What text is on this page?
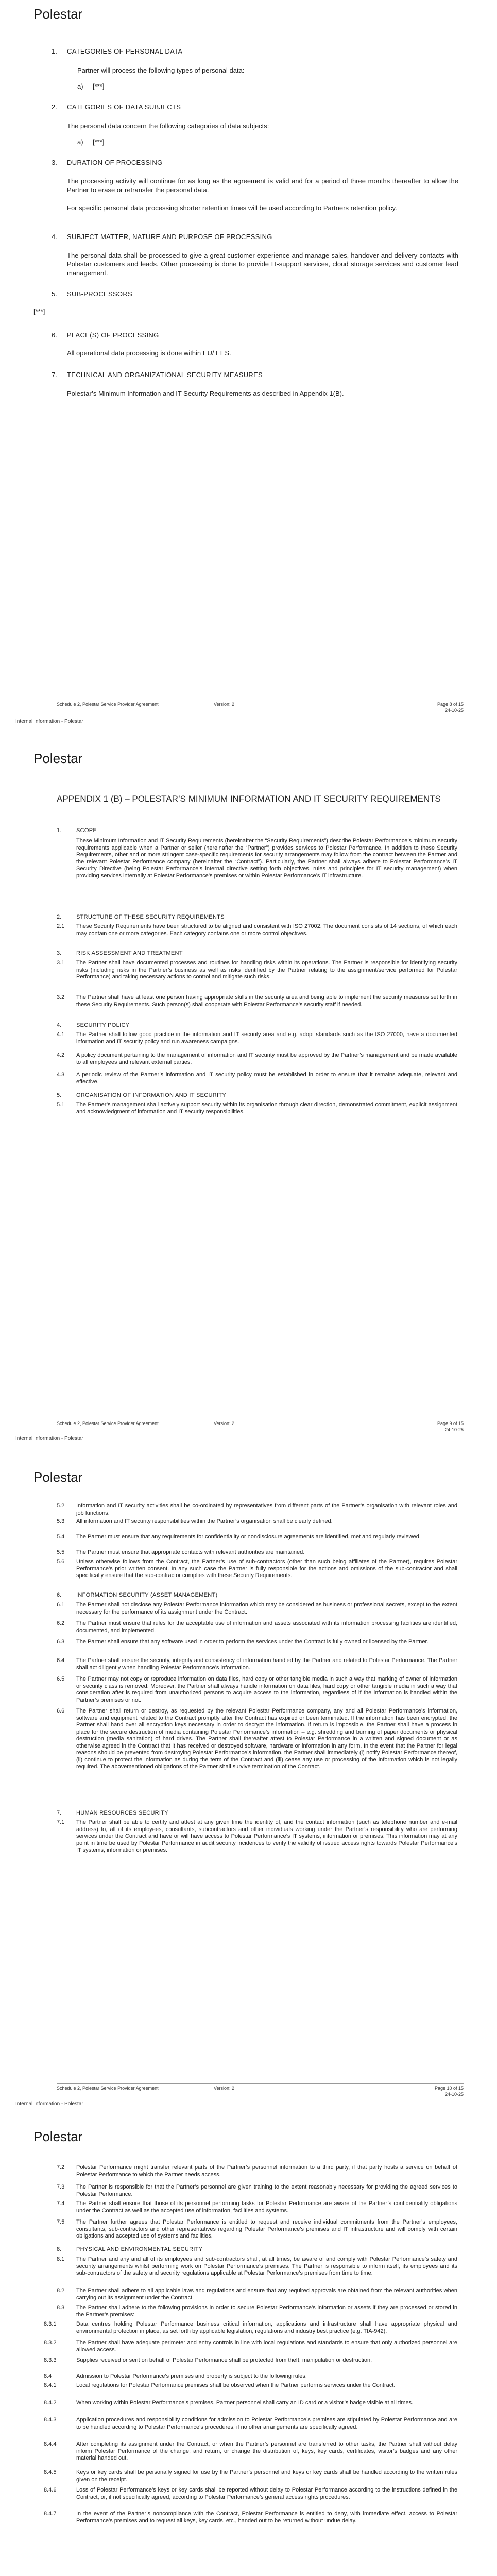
Polestar
1. CATEGORIES OF PERSONAL DATA
Partner will process the following types of personal data:
a) [***]
2. CATEGORIES OF DATA SUBJECTS
The personal data concern the following categories of data subjects:
a) [***]
3. DURATION OF PROCESSING
The processing activity will continue for as long as the agreement is valid and for a period of three months thereafter to allow the Partner to erase or retransfer the personal data.
For specific personal data processing shorter retention times will be used according to Partners retention policy.
4. SUBJECT MATTER, NATURE AND PURPOSE OF PROCESSING
The personal data shall be processed to give a great customer experience and manage sales, handover and delivery contacts with Polestar customers and leads. Other processing is done to provide IT-support services, cloud storage services and customer lead management.
5. SUB-PROCESSORS
[***]
6. PLACE(S) OF PROCESSING
All operational data processing is done within EU/ EES.
7. TECHNICAL AND ORGANIZATIONAL SECURITY MEASURES
Polestar’s Minimum Information and IT Security Requirements as described in Appendix 1(B).
Schedule 2, Polestar Service Provider Agreement	Version: 2	Page 8 of 15
24-10-25
Internal Information - Polestar
Polestar
APPENDIX 1 (B) – POLESTAR’S MINIMUM INFORMATION AND IT SECURITY REQUIREMENTS
1.	SCOPE
These Minimum Information and IT Security Requirements (hereinafter the “Security Requirements”) describe Polestar Performance’s minimum security requirements applicable when a Partner or seller (hereinafter the “Partner”) provides services to Polestar Performance. In addition to these Security Requirements, other and or more stringent case-specific requirements for security arrangements may follow from the contract between the Partner and the relevant Polestar Performance company (hereinafter the “Contract”). Particularly, the Partner shall always adhere to Polestar Performance’s IT Security Directive (being Polestar Performance’s internal directive setting forth objectives, rules and principles for IT security management) when providing services internally at Polestar Performance’s premises or within Polestar Performance’s IT infrastructure.
2.	STRUCTURE OF THESE SECURITY REQUIREMENTS
2.1 These Security Requirements have been structured to be aligned and consistent with ISO 27002. The document consists of 14 sections, of which each may contain one or more categories. Each category contains one or more control objectives.
3.	RISK ASSESSMENT AND TREATMENT
3.1 The Partner shall have documented processes and routines for handling risks within its operations. The Partner is responsible for identifying security risks (including risks in the Partner’s business as well as risks identified by the Partner relating to the assignment/service performed for Polestar Performance) and taking necessary actions to control and mitigate such risks.
3.2 The Partner shall have at least one person having appropriate skills in the security area and being able to implement the security measures set forth in these Security Requirements. Such person(s) shall cooperate with Polestar Performance’s security staff if needed.
4.	SECURITY POLICY
4.1 The Partner shall follow good practice in the information and IT security area and e.g. adopt standards such as the ISO 27000, have a documented information and IT security policy and run awareness campaigns.
4.2 A policy document pertaining to the management of information and IT security must be approved by the Partner’s management and be made available to all employees and relevant external parties.
4.3 A periodic review of the Partner’s information and IT security policy must be established in order to ensure that it remains adequate, relevant and effective.
5.	ORGANISATION OF INFORMATION AND IT SECURITY
5.1 The Partner’s management shall actively support security within its organisation through clear direction, demonstrated commitment, explicit assignment and acknowledgment of information and IT security responsibilities.
Schedule 2, Polestar Service Provider Agreement	Version: 2	Page 9 of 15
24-10-25
Internal Information - Polestar
Polestar
5.2 Information and IT security activities shall be co-ordinated by representatives from different parts of the Partner’s organisation with relevant roles and job functions.
5.3 All information and IT security responsibilities within the Partner’s organisation shall be clearly defined.
5.4 The Partner must ensure that any requirements for confidentiality or nondisclosure agreements are identified, met and regularly reviewed.
5.5 The Partner must ensure that appropriate contacts with relevant authorities are maintained.
5.6 Unless otherwise follows from the Contract, the Partner’s use of sub-contractors (other than such being affiliates of the Partner), requires Polestar Performance’s prior written consent. In any such case the Partner is fully responsible for the actions and omissions of the sub-contractor and shall specifically ensure that the sub-contractor complies with these Security Requirements.
6.	INFORMATION SECURITY (ASSET MANAGEMENT)
6.1 The Partner shall not disclose any Polestar Performance information which may be considered as business or professional secrets, except to the extent necessary for the performance of its assignment under the Contract.
6.2 The Partner must ensure that rules for the acceptable use of information and assets associated with its information processing facilities are identified, documented, and implemented.
6.3 The Partner shall ensure that any software used in order to perform the services under the Contract is fully owned or licensed by the Partner.
6.4 The Partner shall ensure the security, integrity and consistency of information handled by the Partner and related to Polestar Performance. The Partner shall act diligently when handling Polestar Performance’s information.
6.5 The Partner may not copy or reproduce information on data files, hard copy or other tangible media in such a way that marking of owner of information or security class is removed. Moreover, the Partner shall always handle information on data files, hard copy or other tangible media in such a way that consideration after is required from unauthorized persons to acquire access to the information, regardless of if the information is handled within the Partner’s premises or not.
6.6 The Partner shall return or destroy, as requested by the relevant Polestar Performance company, any and all Polestar Performance’s information, software and equipment related to the Contract promptly after the Contract has expired or been terminated. If the information has been encrypted, the Partner shall hand over all encryption keys necessary in order to decrypt the information. If return is impossible, the Partner shall have a process in place for the secure destruction of media containing Polestar Performance’s information – e.g. shredding and burning of paper documents or physical destruction (media sanitation) of hard drives. The Partner shall thereafter attest to Polestar Performance in a written and signed document or as otherwise agreed in the Contract that it has received or destroyed software, hardware or information in any form. In the event that the Partner for legal reasons should be prevented from destroying Polestar Performance’s information, the Partner shall immediately (i) notify Polestar Performance thereof, (ii) continue to protect the information as during the term of the Contract and (iii) cease any use or processing of the information which is not legally required. The abovementioned obligations of the Partner shall survive termination of the Contract.
7.	HUMAN RESOURCES SECURITY
7.1 The Partner shall be able to certify and attest at any given time the identity of, and the contact information (such as telephone number and e-mail address) to, all of its employees, consultants, subcontractors and other individuals working under the Partner’s responsibility who are performing services under the Contract and have or will have access to Polestar Performance’s IT systems, information or premises. This information may at any point in time be used by Polestar Performance in audit security incidences to verify the validity of issued access rights towards Polestar Performance’s IT systems, information or premises.
Schedule 2, Polestar Service Provider Agreement	Version: 2	Page 10 of 15
24-10-25
Internal Information - Polestar
Polestar
7.2 Polestar Performance might transfer relevant parts of the Partner’s personnel information to a third party, if that party hosts a service on behalf of Polestar Performance to which the Partner needs access.
7.3 The Partner is responsible for that the Partner’s personnel are given training to the extent reasonably necessary for providing the agreed services to Polestar Performance.
7.4 The Partner shall ensure that those of its personnel performing tasks for Polestar Performance are aware of the Partner’s confidentiality obligations under the Contract as well as the accepted use of information, facilities and systems.
7.5 The Partner further agrees that Polestar Performance is entitled to request and receive individual commitments from the Partner’s employees, consultants, sub-contractors and other representatives regarding Polestar Performance’s premises and IT infrastructure and will comply with certain obligations and accepted use of systems and facilities.
8.	PHYSICAL AND ENVIRONMENTAL SECURITY
8.1 The Partner and any and all of its employees and sub-contractors shall, at all times, be aware of and comply with Polestar Performance’s safety and security arrangements whilst performing work on Polestar Performance’s premises. The Partner is responsible to inform itself, its employees and its sub-contractors of the safety and security regulations applicable at Polestar Performance’s premises from time to time.
8.2 The Partner shall adhere to all applicable laws and regulations and ensure that any required approvals are obtained from the relevant authorities when carrying out its assignment under the Contract.
8.3 The Partner shall adhere to the following provisions in order to secure Polestar Performance’s information or assets if they are processed or stored in the Partner’s premises:
8.3.1	Data centres holding Polestar Performance business critical information, applications and infrastructure shall have appropriate physical and environmental protection in place, as set forth by applicable legislation, regulations and industry best practice (e.g. TIA-942).
8.3.2	The Partner shall have adequate perimeter and entry controls in line with local regulations and standards to ensure that only authorized personnel are allowed access.
8.3.3	Supplies received or sent on behalf of Polestar Performance shall be protected from theft, manipulation or destruction.
8.4	Admission to Polestar Performance’s premises and property is subject to the following rules.
8.4.1	Local regulations for Polestar Performance premises shall be observed when the Partner performs services under the Contract.
8.4.2	When working within Polestar Performance’s premises, Partner personnel shall carry an ID card or a visitor’s badge visible at all times.
8.4.3	Application procedures and responsibility conditions for admission to Polestar Performance’s premises are stipulated by Polestar Performance and are to be handled according to Polestar Performance’s procedures, if no other arrangements are specifically agreed.
8.4.4	After completing its assignment under the Contract, or when the Partner’s personnel are transferred to other tasks, the Partner shall without delay inform Polestar Performance of the change, and return, or change the distribution of, keys, key cards, certificates, visitor’s badges and any other material handed out.
8.4.5	Keys or key cards shall be personally signed for use by the Partner’s personnel and keys or key cards shall be handled according to the written rules given on the receipt.
8.4.6	Loss of Polestar Performance’s keys or key cards shall be reported without delay to Polestar Performance according to the instructions defined in the Contract, or, if not specifically agreed, according to Polestar Performance’s general access rights procedures.
8.4.7	In the event of the Partner’s noncompliance with the Contract, Polestar Performance is entitled to deny, with immediate effect, access to Polestar Performance’s premises and to request all keys, key cards, etc., handed out to be returned without undue delay.
